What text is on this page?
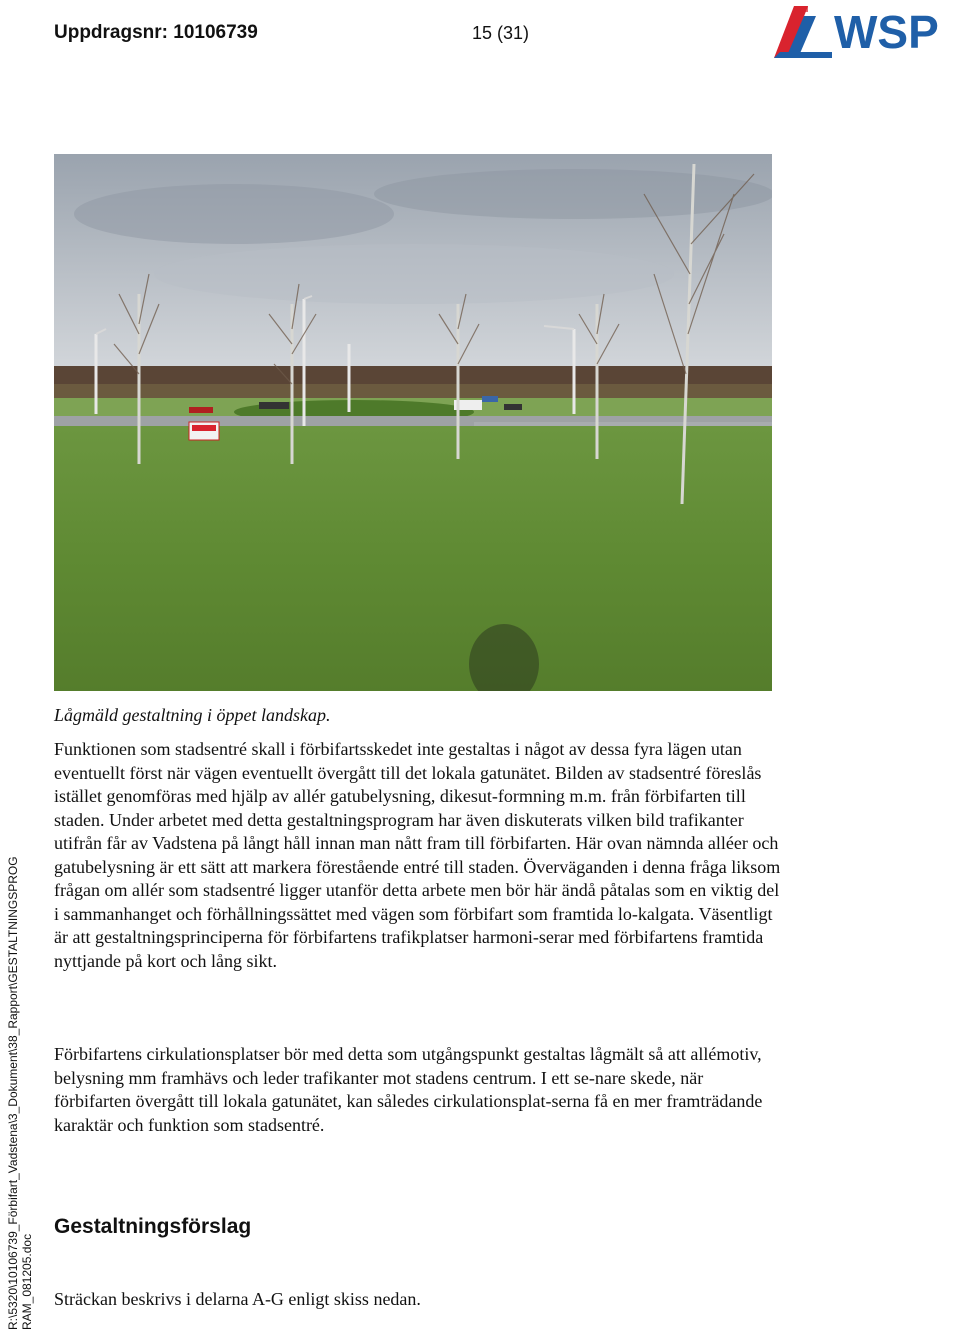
Uppdragsnr: 10106739	15 (31)	WSP
Lågmäld gestaltning i öppet landskap.
Funktionen som stadsentré skall i förbifartsskedet inte gestaltas i något av dessa fyra lägen utan eventuellt först när vägen eventuellt övergått till det lokala gatunätet. Bilden av stadsentré föreslås istället genomföras med hjälp av allér gatubelysning, dikesut-formning m.m. från förbifarten till staden. Under arbetet med detta gestaltningsprogram har även diskuterats vilken bild trafikanter utifrån får av Vadstena på långt håll innan man nått fram till förbifarten. Här ovan nämnda alléer och gatubelysning är ett sätt att markera förestående entré till staden. Överväganden i denna fråga liksom frågan om allér som stadsentré ligger utanför detta arbete men bör här ändå påtalas som en viktig del i sammanhanget och förhållningssättet med vägen som förbifart som framtida lo-kalgata. Väsentligt är att gestaltningsprinciperna för förbifartens trafikplatser harmoni-serar med förbifartens framtida nyttjande på kort och lång sikt.
Förbifartens cirkulationsplatser bör med detta som utgångspunkt gestaltas lågmält så att allémotiv, belysning mm framhävs och leder trafikanter mot stadens centrum. I ett se-nare skede, när förbifarten övergått till lokala gatunätet, kan således cirkulationsplat-serna få en mer framträdande karaktär och funktion som stadsentré.
Gestaltningsförslag
Sträckan beskrivs i delarna A-G enligt skiss nedan.
R:\5320\10106739_Förbifart_Vadstena\3_Dokument\38_Rapport\GESTALTNINGSPROG RAM_081205.doc
